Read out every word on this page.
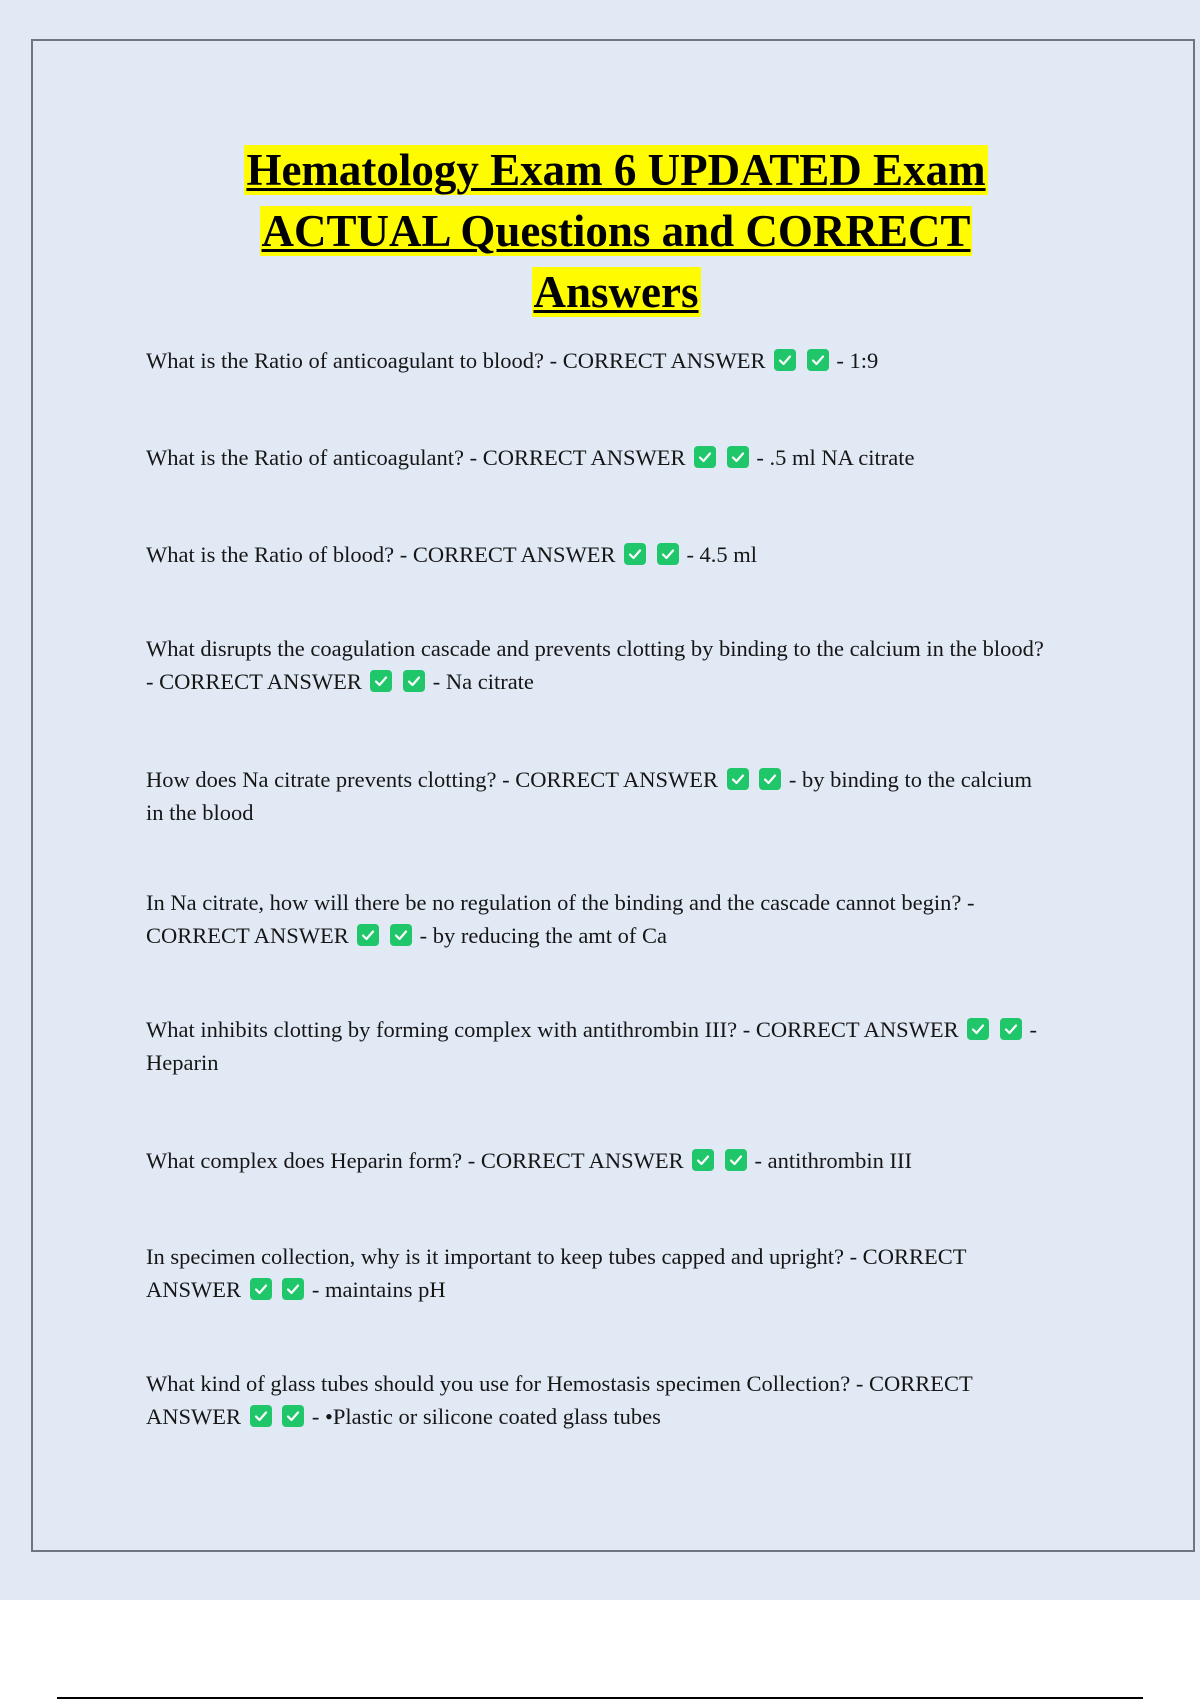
Hematology Exam 6 UPDATED Exam
ACTUAL Questions and CORRECT
Answers
What is the Ratio of anticoagulant to blood? - CORRECT ANSWER
	- 1:9
What is the Ratio of anticoagulant? - CORRECT ANSWER
	- .5 ml NA citrate
What is the Ratio of blood? - CORRECT ANSWER
	- 4.5 ml
What disrupts the coagulation cascade and prevents clotting by binding to the calcium in the blood? - CORRECT ANSWER
	- Na citrate
How does Na citrate prevents clotting? - CORRECT ANSWER
	- by binding to the calcium in the blood
In Na citrate, how will there be no regulation of the binding and the cascade cannot begin? - CORRECT ANSWER
	- by reducing the amt of Ca
What inhibits clotting by forming complex with antithrombin III? - CORRECT ANSWER
	- Heparin
What complex does Heparin form? - CORRECT ANSWER
	- antithrombin III
In specimen collection, why is it important to keep tubes capped and upright? - CORRECT ANSWER
	- maintains pH
What kind of glass tubes should you use for Hemostasis specimen Collection? - CORRECT ANSWER
	- •Plastic or silicone coated glass tubes
